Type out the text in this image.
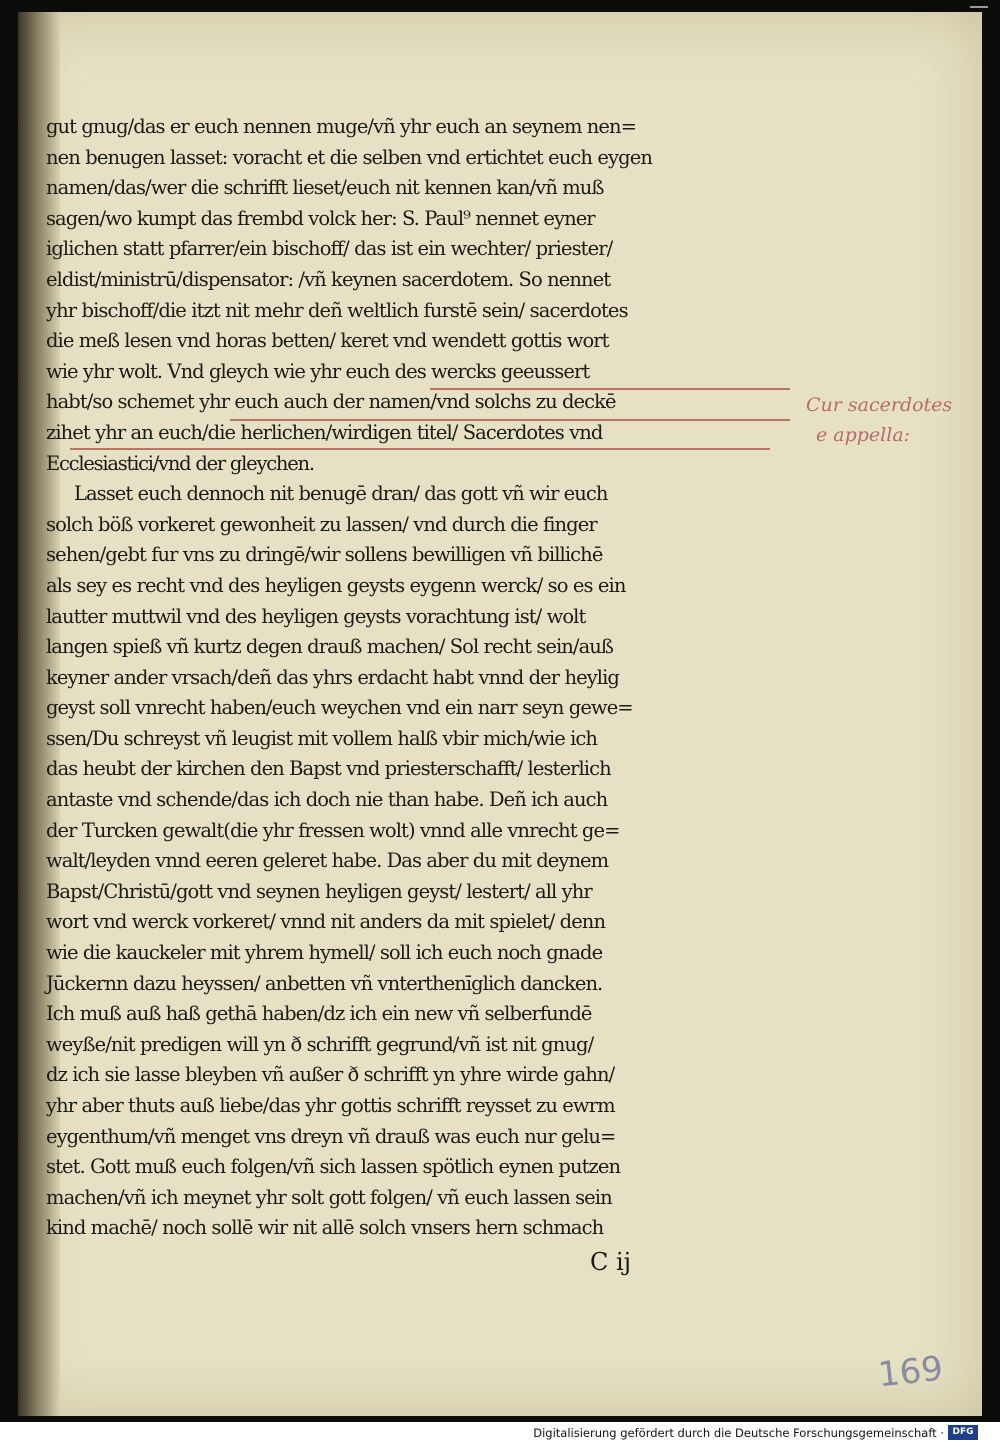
gut gnug/das er euch nennen muge/vñ yhr euch an seynem nen=
nen benugen lasset: voracht et die selben vnd ertichtet euch eygen
namen/das/wer die schrifft lieset/euch nit kennen kan/vñ muß
sagen/wo kumpt das frembd volck her: S. Paul⁹ nennet eyner
iglichen statt pfarrer/ein bischoff/ das ist ein wechter/ priester/
eldist/ministrū/dispensator: /vñ keynen sacerdotem. So nennet
yhr bischoff/die itzt nit mehr deñ weltlich furstē sein/ sacerdotes
die meß lesen vnd horas betten/ keret vnd wendett gottis wort
wie yhr wolt. Vnd gleych wie yhr euch des wercks geeussert
habt/so schemet yhr euch auch der namen/vnd solchs zu deckē
zihet yhr an euch/die herlichen/wirdigen titel/ Sacerdotes vnd
Ecclesiastici/vnd der gleychen.
Lasset euch dennoch nit benugē dran/ das gott vñ wir euch
solch böß vorkeret gewonheit zu lassen/ vnd durch die finger
sehen/gebt fur vns zu dringē/wir sollens bewilligen vñ billichē
als sey es recht vnd des heyligen geysts eygenn werck/ so es ein
lautter muttwil vnd des heyligen geysts vorachtung ist/ wolt
langen spieß vñ kurtz degen drauß machen/ Sol recht sein/auß
keyner ander vrsach/deñ das yhrs erdacht habt vnnd der heylig
geyst soll vnrecht haben/euch weychen vnd ein narr seyn gewe=
ssen/Du schreyst vñ leugist mit vollem halß vbir mich/wie ich
das heubt der kirchen den Bapst vnd priesterschafft/ lesterlich
antaste vnd schende/das ich doch nie than habe. Deñ ich auch
der Turcken gewalt(die yhr fressen wolt) vnnd alle vnrecht ge=
walt/leyden vnnd eeren geleret habe. Das aber du mit deynem
Bapst/Christū/gott vnd seynen heyligen geyst/ lestert/ all yhr
wort vnd werck vorkeret/ vnnd nit anders da mit spielet/ denn
wie die kauckeler mit yhrem hymell/ soll ich euch noch gnade
Jūckernn dazu heyssen/ anbetten vñ vnterthenīglich dancken.
Ich muß auß haß gethā haben/dz ich ein new vñ selberfundē
weyße/nit predigen will yn ð schrifft gegrund/vñ ist nit gnug/
dz ich sie lasse bleyben vñ außer ð schrifft yn yhre wirde gahn/
yhr aber thuts auß liebe/das yhr gottis schrifft reysset zu ewrm
eygenthum/vñ menget vns dreyn vñ drauß was euch nur gelu=
stet. Gott muß euch folgen/vñ sich lassen spötlich eynen putzen
machen/vñ ich meynet yhr solt gott folgen/ vñ euch lassen sein
kind machē/ noch sollē wir nit allē solch vnsers hern schmach
Cur sacerdotes
e appella:
C ij
169
Digitalisierung gefördert durch die Deutsche Forschungsgemeinschaft · DFG
